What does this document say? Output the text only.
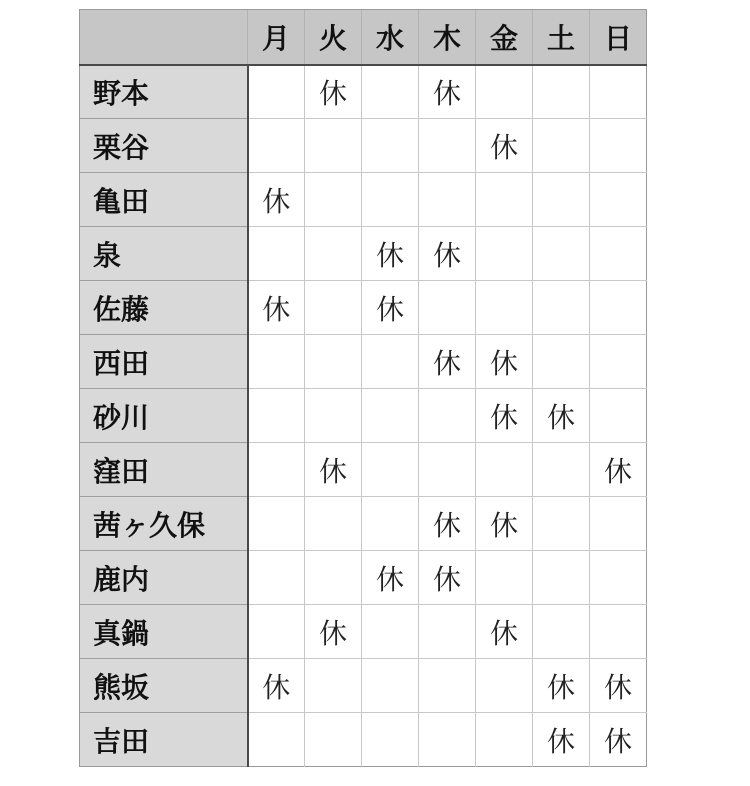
	月	火	水	木	金	土	日
野本		休		休			
栗谷					休		
亀田	休						
泉			休	休			
佐藤	休		休				
西田				休	休		
砂川					休	休	
窪田		休					休
茜ヶ久保				休	休		
鹿内			休	休			
真鍋		休			休		
熊坂	休					休	休
吉田						休	休
